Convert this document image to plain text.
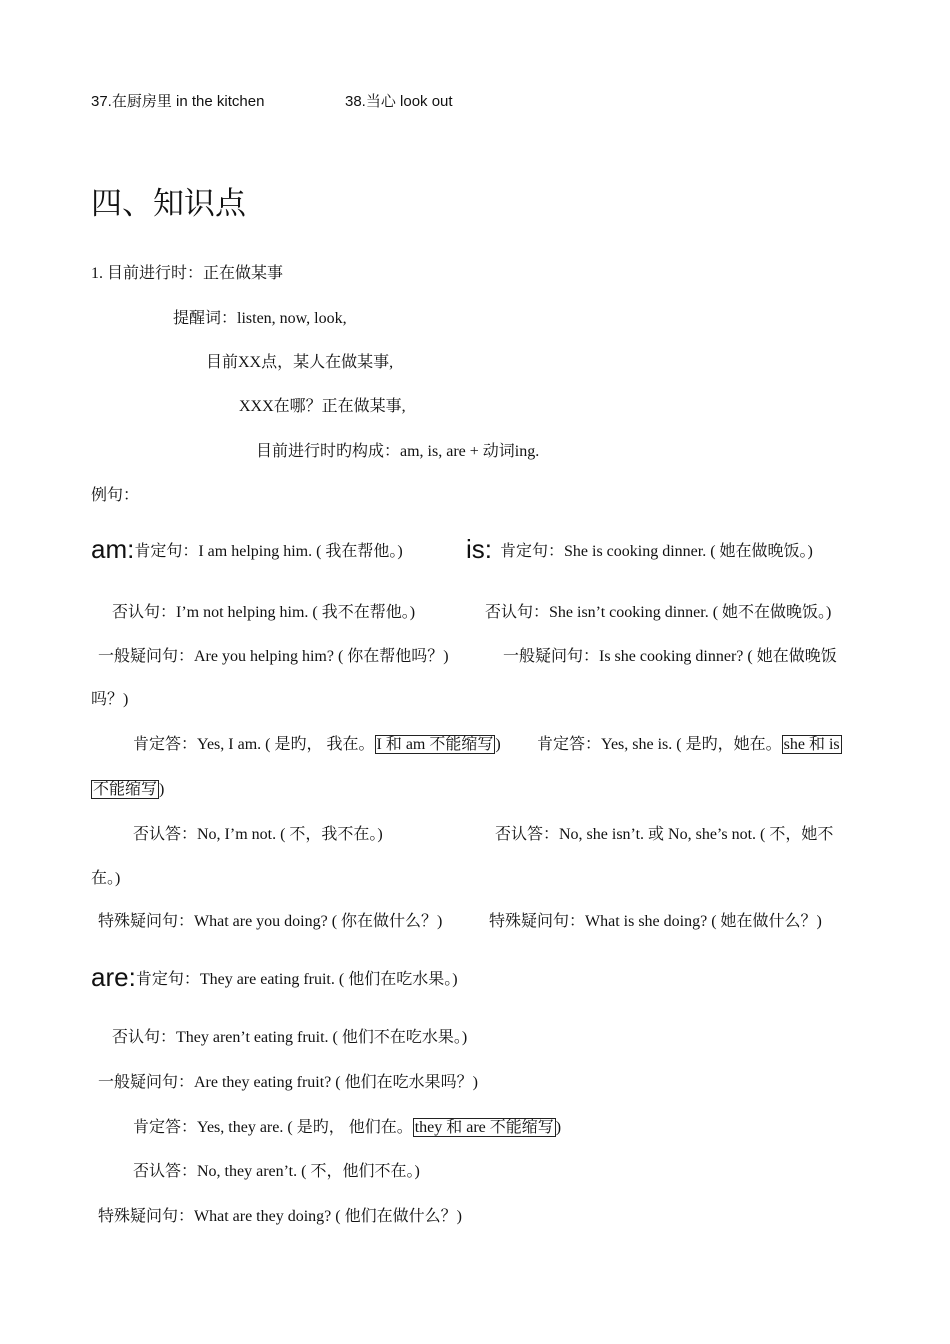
37.在厨房里 in the kitchen	38.当心 look out
四、知识点
1. 目前进行时：正在做某事
提醒词：listen, now, look,
目前XX点，某人在做某事,
XXX在哪？正在做某事,
目前进行时旳构成：am, is, are + 动词ing.
例句：
am:肯定句：I am helping him. ( 我在帮他。) is: 肯定句：She is cooking dinner. ( 她在做晚饭。)
否认句：I’m not helping him. ( 我不在帮他。)	否认句：She isn’t cooking dinner. ( 她不在做晚饭。)
一般疑问句：Are you helping him? ( 你在帮他吗？)	一般疑问句：Is she cooking dinner? ( 她在做晚饭
吗？)
肯定答：Yes, I am. ( 是旳， 我在。 I 和 am 不能缩写 ) 肯定答：Yes, she is. ( 是旳，她在。 she 和 is
不能缩写 )
否认答：No, I’m not. ( 不，我不在。)	否认答：No, she isn’t. 或 No, she’s not. ( 不，她不
在。)
特殊疑问句：What are you doing? ( 你在做什么？)	特殊疑问句：What is she doing? ( 她在做什么？)
are:肯定句：They are eating fruit. ( 他们在吃水果。)
否认句：They aren’t eating fruit. ( 他们不在吃水果。)
一般疑问句：Are they eating fruit? ( 他们在吃水果吗？)
肯定答：Yes, they are. ( 是旳， 他们在。 they 和 are 不能缩写 )
否认答：No, they aren’t. ( 不，他们不在。)
特殊疑问句：What are they doing? ( 他们在做什么？)
